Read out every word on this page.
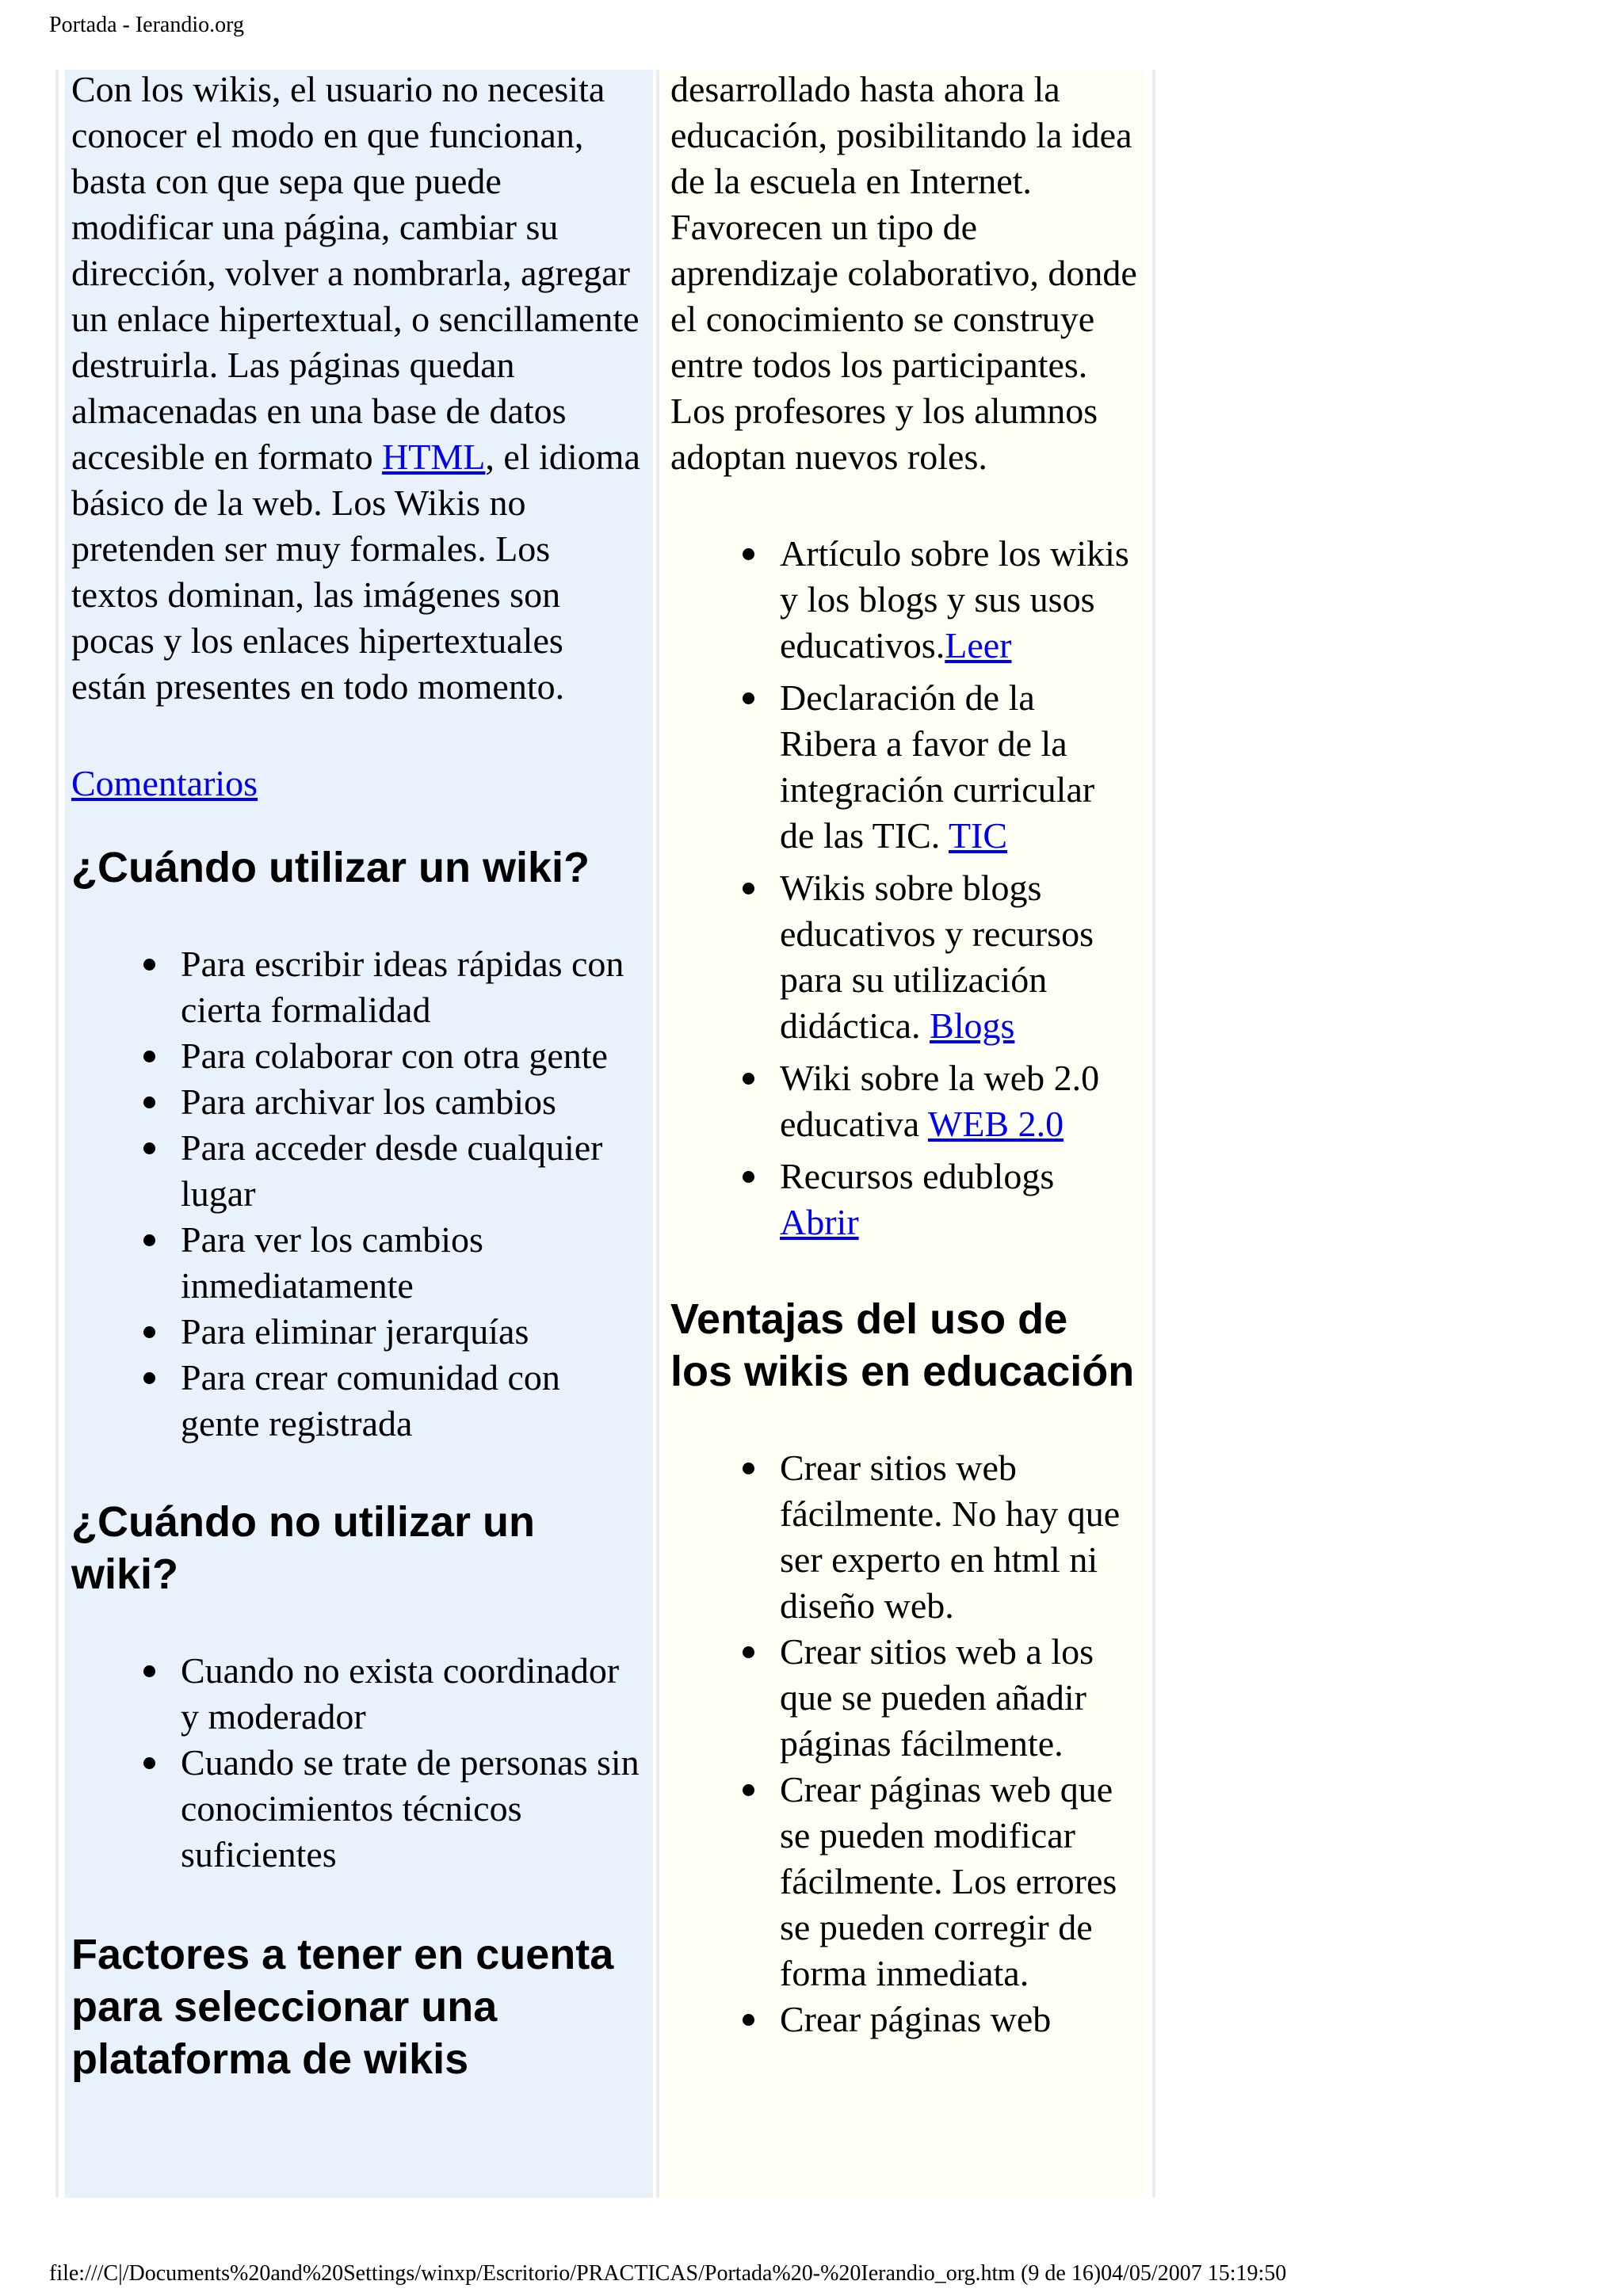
Portada - Ierandio.org

Con los wikis, el usuario no necesita conocer el modo en que funcionan, basta con que sepa que puede modificar una página, cambiar su dirección, volver a nombrarla, agregar un enlace hipertextual, o sencillamente destruirla. Las páginas quedan almacenadas en una base de datos accesible en formato HTML, el idioma básico de la web. Los Wikis no pretenden ser muy formales. Los textos dominan, las imágenes son pocas y los enlaces hipertextuales están presentes en todo momento.

Comentarios

¿Cuándo utilizar un wiki?
Para escribir ideas rápidas con cierta formalidad
Para colaborar con otra gente
Para archivar los cambios
Para acceder desde cualquier lugar
Para ver los cambios inmediatamente
Para eliminar jerarquías
Para crear comunidad con gente registrada
¿Cuándo no utilizar un wiki?
Cuando no exista coordinador y moderador
Cuando se trate de personas sin conocimientos técnicos suficientes
Factores a tener en cuenta para seleccionar una plataforma de wikis

desarrollado hasta ahora la educación, posibilitando la idea de la escuela en Internet. Favorecen un tipo de aprendizaje colaborativo, donde el conocimiento se construye entre todos los participantes. Los profesores y los alumnos adoptan nuevos roles.

Artículo sobre los wikis y los blogs y sus usos educativos.Leer
Declaración de la Ribera a favor de la integración curricular de las TIC. TIC
Wikis sobre blogs educativos y recursos para su utilización didáctica. Blogs
Wiki sobre la web 2.0 educativa WEB 2.0
Recursos edublogs Abrir
Ventajas del uso de los wikis en educación
Crear sitios web fácilmente. No hay que ser experto en html ni diseño web.
Crear sitios web a los que se pueden añadir páginas fácilmente.
Crear páginas web que se pueden modificar fácilmente. Los errores se pueden corregir de forma inmediata.
Crear páginas web
file:///C|/Documents%20and%20Settings/winxp/Escritorio/PRACTICAS/Portada%20-%20Ierandio_org.htm (9 de 16)04/05/2007 15:19:50
